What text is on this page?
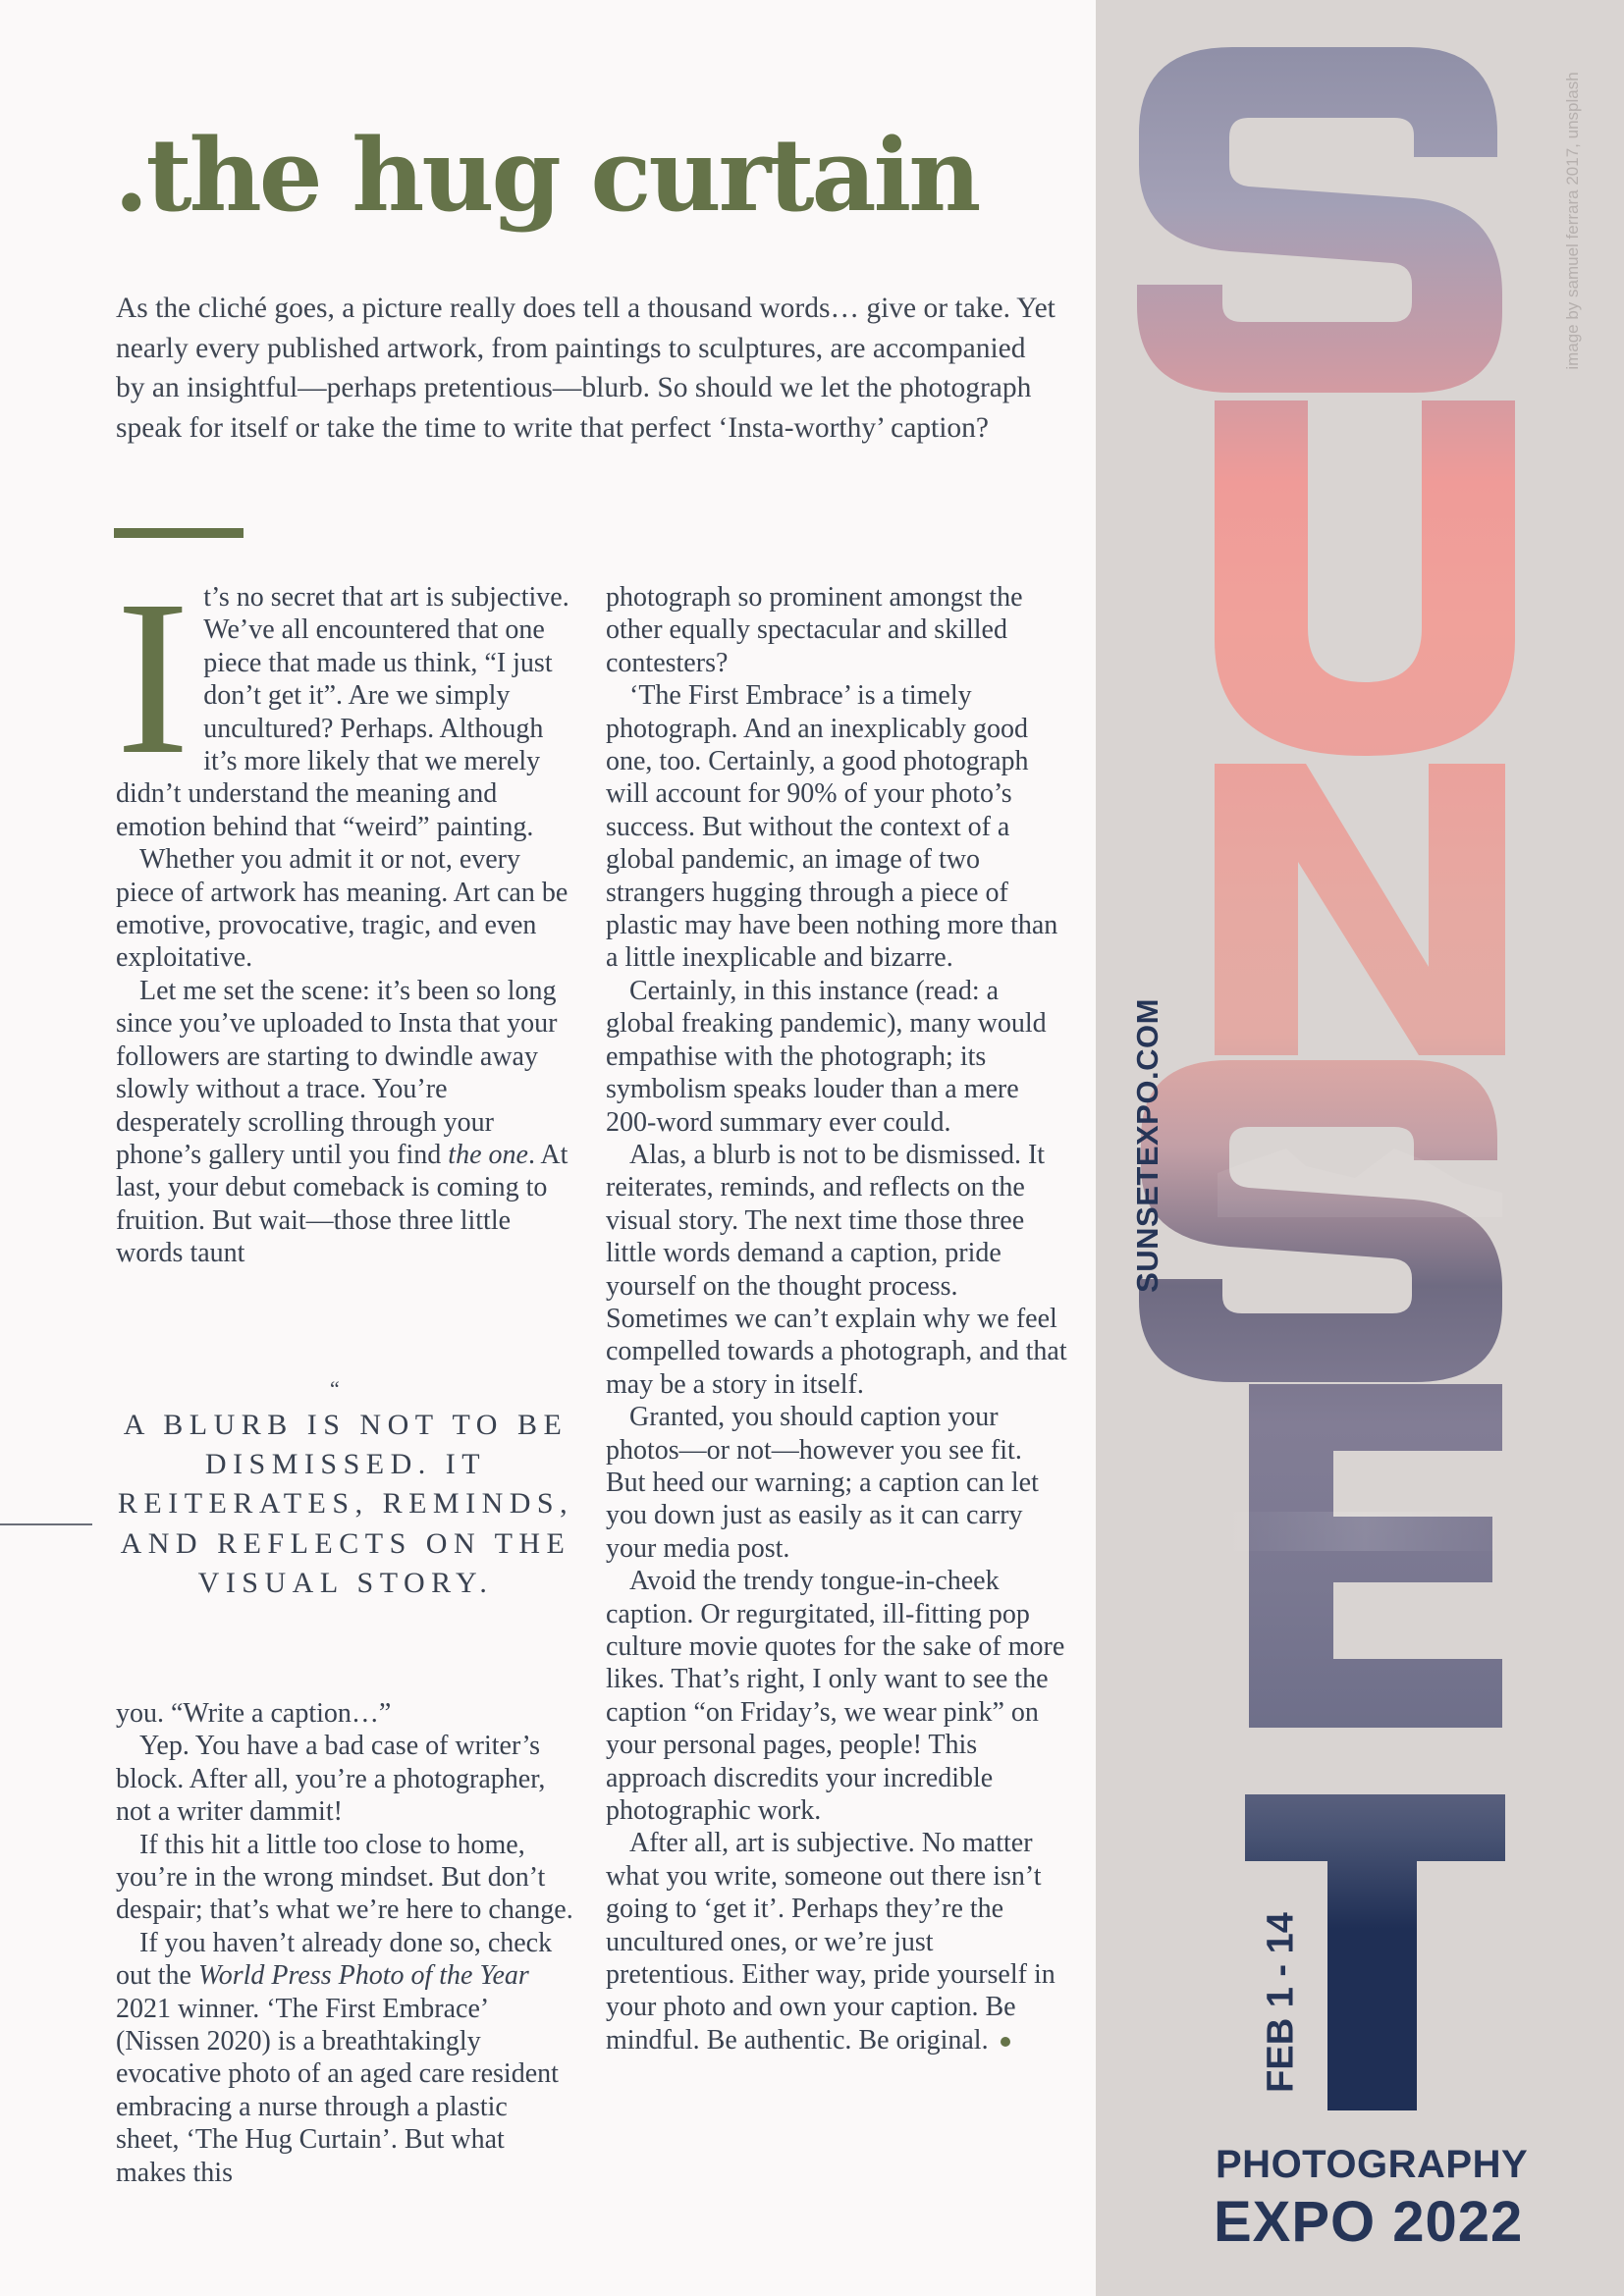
.the hug curtain

As the cliché goes, a picture really does tell a thousand words… give or take. Yet nearly every published artwork, from paintings to sculptures, are accompanied by an insightful—perhaps pretentious—blurb. So should we let the photograph speak for itself or take the time to write that perfect ‘Insta-worthy’ caption?

I t’s no secret that art is subjective. We’ve all encountered that one piece that made us think, “I just don’t get it”. Are we simply uncultured? Perhaps. Although it’s more likely that we merely didn’t understand the meaning and emotion behind that “weird” painting.

Whether you admit it or not, every piece of artwork has meaning. Art can be emotive, provocative, tragic, and even exploitative.

Let me set the scene: it’s been so long since you’ve uploaded to Insta that your followers are starting to dwindle away slowly without a trace. You’re desperately scrolling through your phone’s gallery until you find the one. At last, your debut comeback is coming to fruition. But wait—those three little words taunt

“

A BLURB IS NOT TO BE DISMISSED. IT REITERATES, REMINDS, AND REFLECTS ON THE VISUAL STORY.

you. “Write a caption…”

Yep. You have a bad case of writer’s block. After all, you’re a photographer, not a writer dammit!

If this hit a little too close to home, you’re in the wrong mindset. But don’t despair; that’s what we’re here to change.

If you haven’t already done so, check out the World Press Photo of the Year 2021 winner. ‘The First Embrace’ (Nissen 2020) is a breathtakingly evocative photo of an aged care resident embracing a nurse through a plastic sheet, ‘The Hug Curtain’. But what makes this

photograph so prominent amongst the other equally spectacular and skilled contesters?

‘The First Embrace’ is a timely photograph. And an inexplicably good one, too. Certainly, a good photograph will account for 90% of your photo’s success. But without the context of a global pandemic, an image of two strangers hugging through a piece of plastic may have been nothing more than a little inexplicable and bizarre.

Certainly, in this instance (read: a global freaking pandemic), many would empathise with the photograph; its symbolism speaks louder than a mere 200-word summary ever could.

Alas, a blurb is not to be dismissed. It reiterates, reminds, and reflects on the visual story. The next time those three little words demand a caption, pride yourself on the thought process. Sometimes we can’t explain why we feel compelled towards a photograph, and that may be a story in itself.

Granted, you should caption your photos—or not—however you see fit. But heed our warning; a caption can let you down just as easily as it can carry your media post.

Avoid the trendy tongue-in-cheek caption. Or regurgitated, ill-fitting pop culture movie quotes for the sake of more likes. That’s right, I only want to see the caption “on Friday’s, we wear pink” on your personal pages, people! This approach discredits your incredible photographic work.

After all, art is subjective. No matter what you write, someone out there isn’t going to ‘get it’. Perhaps they’re the uncultured ones, or we’re just pretentious. Either way, pride yourself in your photo and own your caption. Be mindful. Be authentic. Be original.

image by samuel ferrara 2017, unsplash
SUNSETEXPO.COM
FEB 1 - 14
PHOTOGRAPHY
EXPO 2022
